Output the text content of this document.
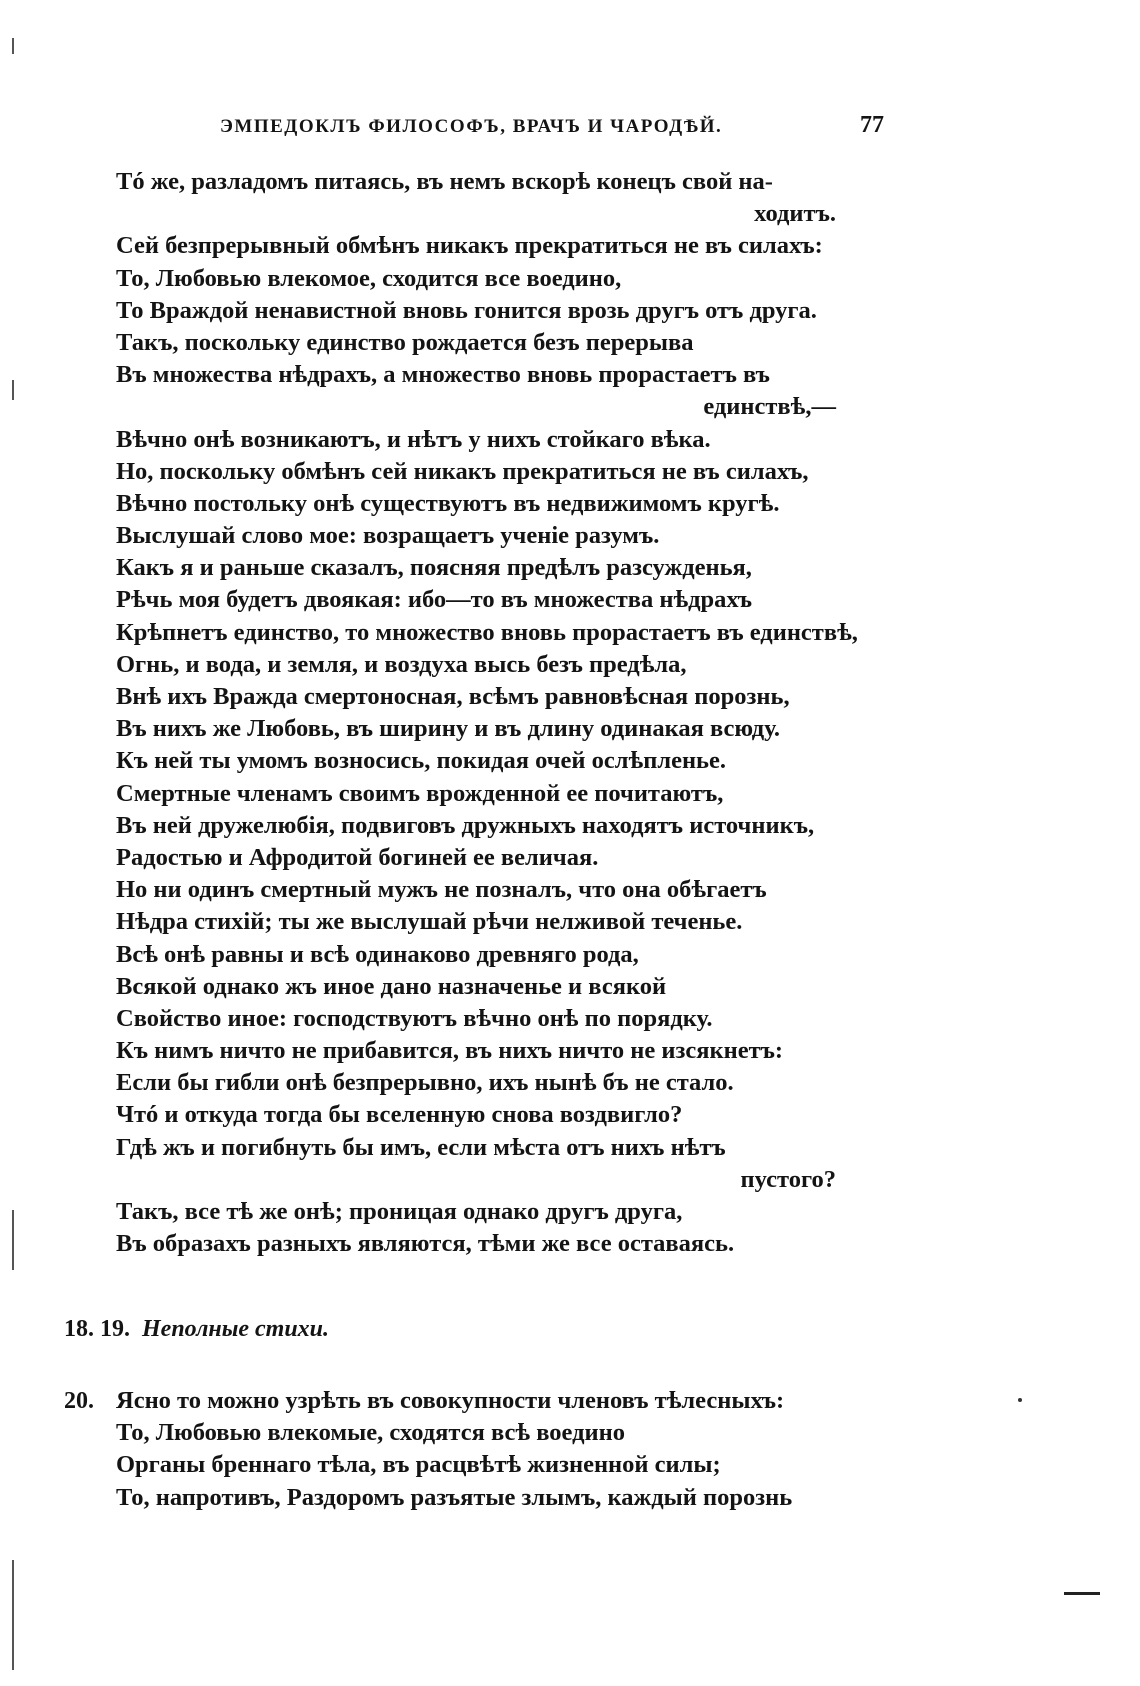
ЭМПЕДОКЛЪ ФИЛОСОФЪ, ВРАЧЪ И ЧАРОДѢЙ.	77
Тó же, разладомъ питаясь, въ немъ вскорѣ конецъ свой на-
ходитъ.
Сей безпрерывный обмѣнъ никакъ прекратиться не въ силахъ:
То, Любовью влекомое, сходится все воедино,
То Враждой ненавистной вновь гонится врозь другъ отъ друга.
Такъ, поскольку единство рождается безъ перерыва
Въ множества нѣдрахъ, а множество вновь прорастаетъ въ
единствѣ,—
Вѣчно онѣ возникаютъ, и нѣтъ у нихъ стойкаго вѣка.
Но, поскольку обмѣнъ сей никакъ прекратиться не въ силахъ,
Вѣчно постольку онѣ существуютъ въ недвижимомъ кругѣ.
Выслушай слово мое: возращаетъ ученіе разумъ.
Какъ я и раньше сказалъ, поясняя предѣлъ разсужденья,
Рѣчь моя будетъ двоякая: ибо—то въ множества нѣдрахъ
Крѣпнетъ единство, то множество вновь прорастаетъ въ единствѣ,
Огнь, и вода, и земля, и воздуха высь безъ предѣла,
Внѣ ихъ Вражда смертоносная, всѣмъ равновѣсная порознь,
Въ нихъ же Любовь, въ ширину и въ длину одинакая всюду.
Къ ней ты умомъ возносись, покидая очей ослѣпленье.
Смертные членамъ своимъ врожденной ее почитаютъ,
Въ ней дружелюбія, подвиговъ дружныхъ находятъ источникъ,
Радостью и Афродитой богиней ее величая.
Но ни одинъ смертный мужъ не позналъ, что она обѣгаетъ
Нѣдра стихій; ты же выслушай рѣчи нелживой теченье.
Всѣ онѣ равны и всѣ одинаково древняго рода,
Всякой однако жъ иное дано назначенье и всякой
Свойство иное: господствуютъ вѣчно онѣ по порядку.
Къ нимъ ничто не прибавится, въ нихъ ничто не изсякнетъ:
Если бы гибли онѣ безпрерывно, ихъ нынѣ бъ не стало.
Чтó и откуда тогда бы вселенную снова воздвигло?
Гдѣ жъ и погибнуть бы имъ, если мѣста отъ нихъ нѣтъ
пустого?
Такъ, все тѣ же онѣ; проницая однако другъ друга,
Въ образахъ разныхъ являются, тѣми же все оставаясь.
18. 19. Неполные стихи.
20. Ясно то можно узрѣть въ совокупности членовъ тѣлесныхъ:
То, Любовью влекомые, сходятся всѣ воедино
Органы бреннаго тѣла, въ расцвѣтѣ жизненной силы;
То, напротивъ, Раздоромъ разъятые злымъ, каждый порознь
